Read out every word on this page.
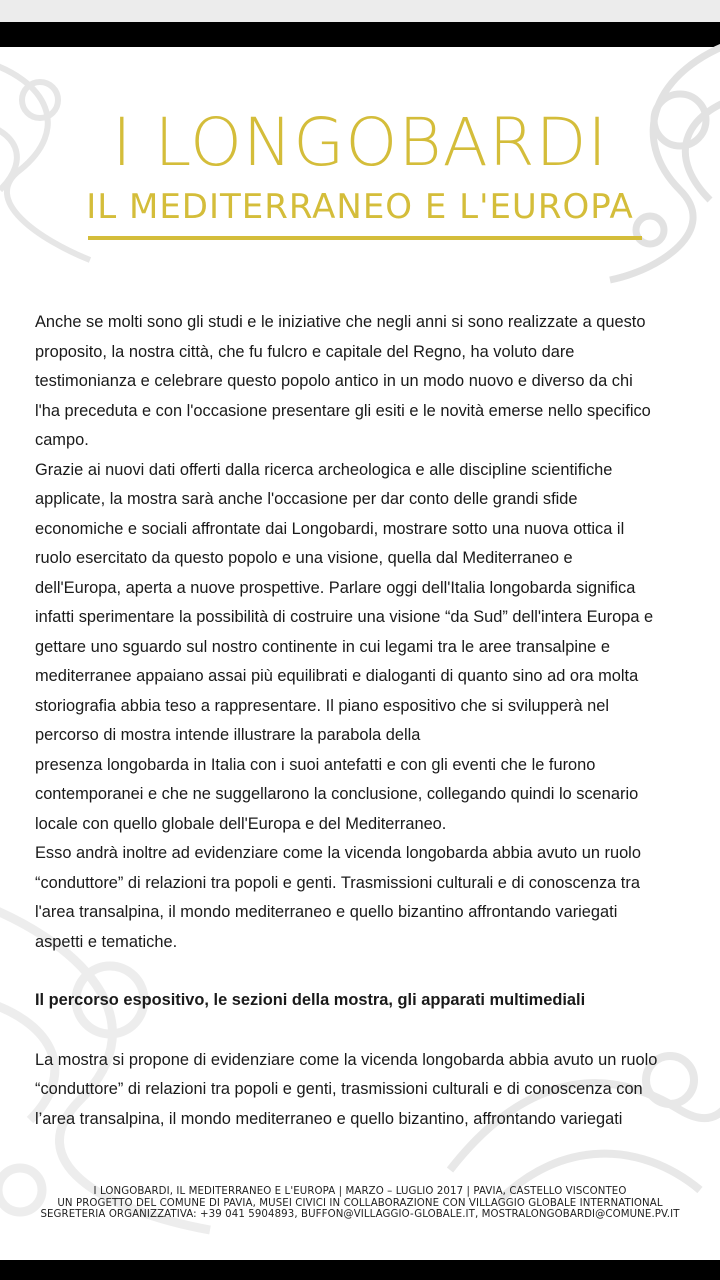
I LONGOBARDI
IL MEDITERRANEO E L'EUROPA

Anche se molti sono gli studi e le iniziative che negli anni si sono realizzate a questo
proposito, la nostra città, che fu fulcro e capitale del Regno, ha voluto dare
testimonianza e celebrare questo popolo antico in un modo nuovo e diverso da chi
l'ha preceduta e con l'occasione presentare gli esiti e le novità emerse nello specifico
campo.

Grazie ai nuovi dati offerti dalla ricerca archeologica e alle discipline scientifiche
applicate, la mostra sarà anche l'occasione per dar conto delle grandi sfide
economiche e sociali affrontate dai Longobardi, mostrare sotto una nuova ottica il
ruolo esercitato da questo popolo e una visione, quella dal Mediterraneo e
dell'Europa, aperta a nuove prospettive. Parlare oggi dell'Italia longobarda significa
infatti sperimentare la possibilità di costruire una visione “da Sud” dell'intera Europa e
gettare uno sguardo sul nostro continente in cui legami tra le aree transalpine e
mediterranee appaiano assai più equilibrati e dialoganti di quanto sino ad ora molta
storiografia abbia teso a rappresentare. Il piano espositivo che si svilupperà nel
percorso di mostra intende illustrare la parabola della
presenza longobarda in Italia con i suoi antefatti e con gli eventi che le furono
contemporanei e che ne suggellarono la conclusione, collegando quindi lo scenario
locale con quello globale dell'Europa e del Mediterraneo.

Esso andrà inoltre ad evidenziare come la vicenda longobarda abbia avuto un ruolo
“conduttore” di relazioni tra popoli e genti. Trasmissioni culturali e di conoscenza tra
l'area transalpina, il mondo mediterraneo e quello bizantino affrontando variegati
aspetti e tematiche.

Il percorso espositivo, le sezioni della mostra, gli apparati multimediali

La mostra si propone di evidenziare come la vicenda longobarda abbia avuto un ruolo
“conduttore” di relazioni tra popoli e genti, trasmissioni culturali e di conoscenza con
l’area transalpina, il mondo mediterraneo e quello bizantino, affrontando variegati

I LONGOBARDI, IL MEDITERRANEO E L'EUROPA | MARZO – LUGLIO 2017 | PAVIA, CASTELLO VISCONTEO
UN PROGETTO DEL COMUNE DI PAVIA, MUSEI CIVICI IN COLLABORAZIONE CON VILLAGGIO GLOBALE INTERNATIONAL
SEGRETERIA ORGANIZZATIVA: +39 041 5904893, BUFFON@VILLAGGIO-GLOBALE.IT, MOSTRALONGOBARDI@COMUNE.PV.IT
